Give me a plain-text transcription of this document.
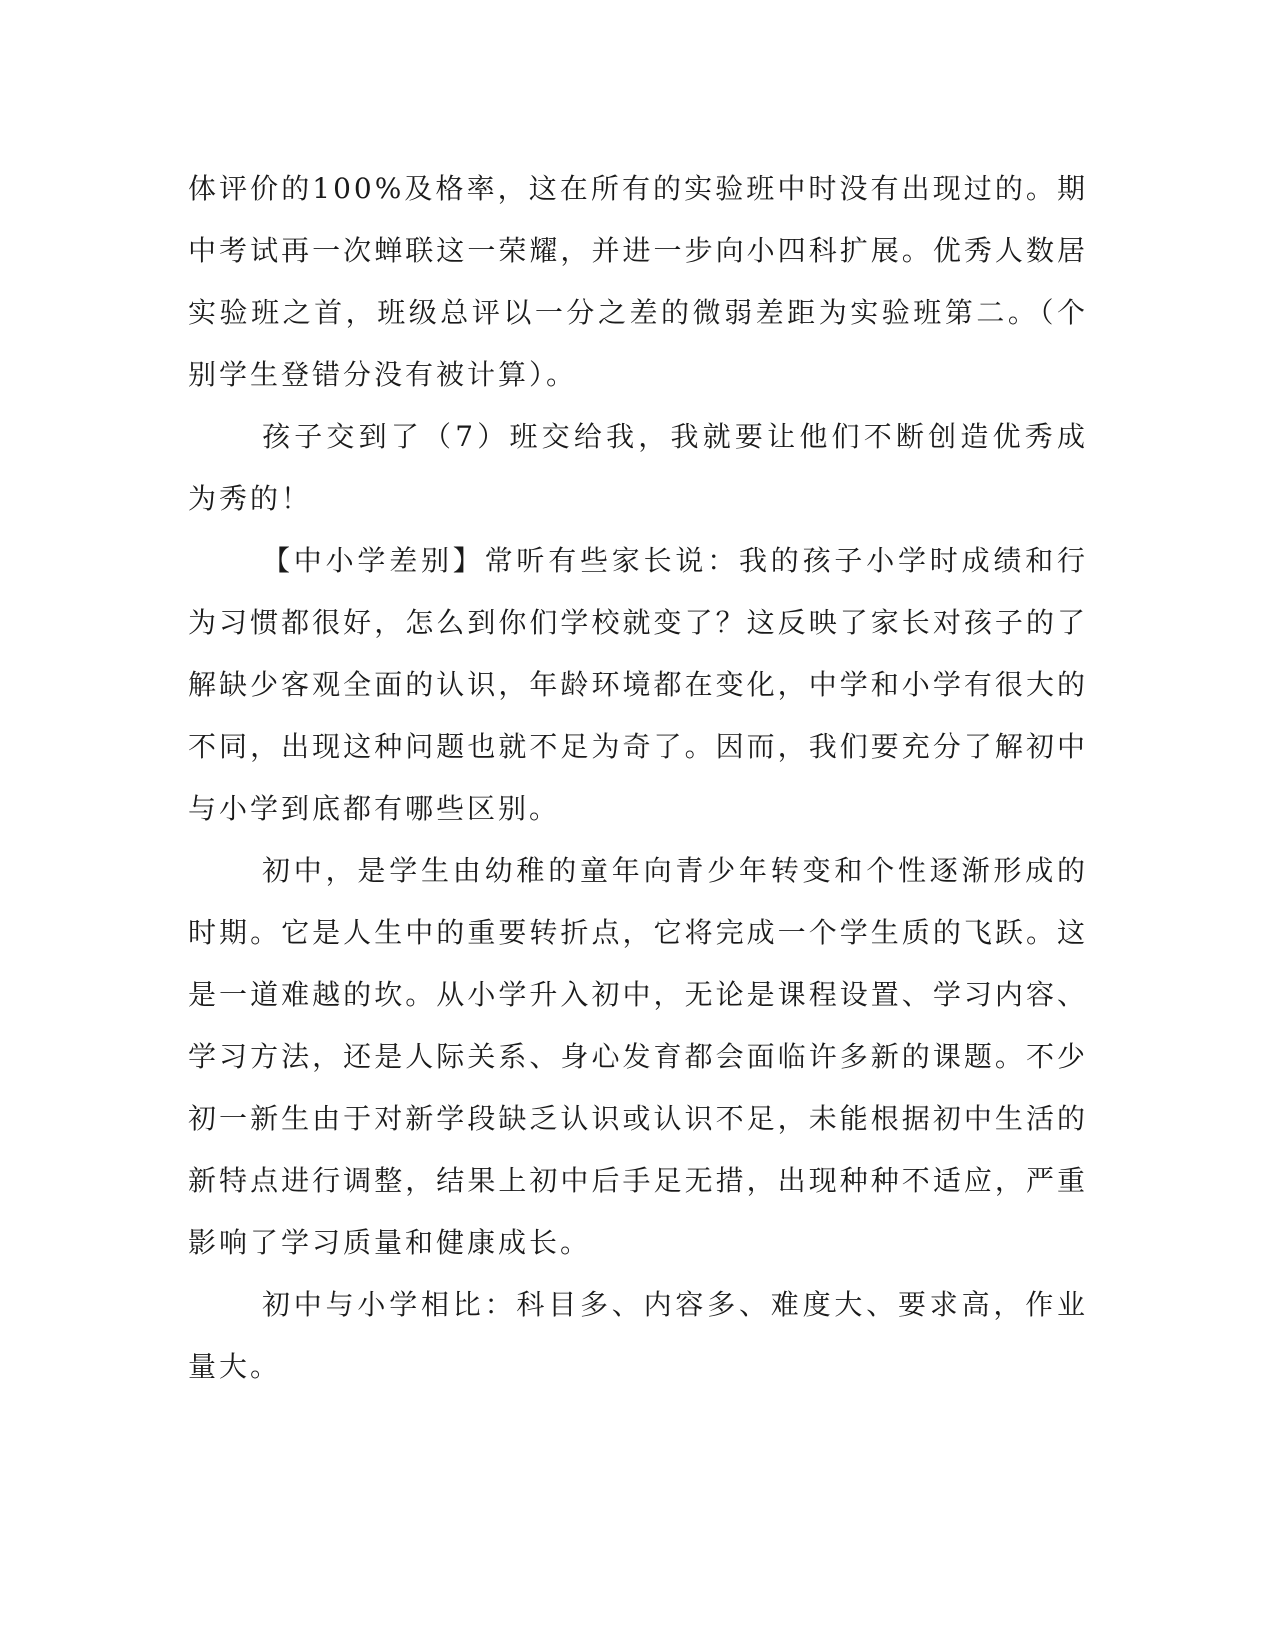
体评价的100%及格率，这在所有的实验班中时没有出现过的。期中考试再一次蝉联这一荣耀，并进一步向小四科扩展。优秀人数居实验班之首，班级总评以一分之差的微弱差距为实验班第二。（个别学生登错分没有被计算）。

孩子交到了（7）班交给我，我就要让他们不断创造优秀成为秀的！

【中小学差别】常听有些家长说：我的孩子小学时成绩和行为习惯都很好，怎么到你们学校就变了？这反映了家长对孩子的了解缺少客观全面的认识，年龄环境都在变化，中学和小学有很大的不同，出现这种问题也就不足为奇了。因而，我们要充分了解初中与小学到底都有哪些区别。

初中，是学生由幼稚的童年向青少年转变和个性逐渐形成的时期。它是人生中的重要转折点，它将完成一个学生质的飞跃。这是一道难越的坎。从小学升入初中，无论是课程设置、学习内容、学习方法，还是人际关系、身心发育都会面临许多新的课题。不少初一新生由于对新学段缺乏认识或认识不足，未能根据初中生活的新特点进行调整，结果上初中后手足无措，出现种种不适应，严重影响了学习质量和健康成长。

初中与小学相比：科目多、内容多、难度大、要求高，作业量大。
